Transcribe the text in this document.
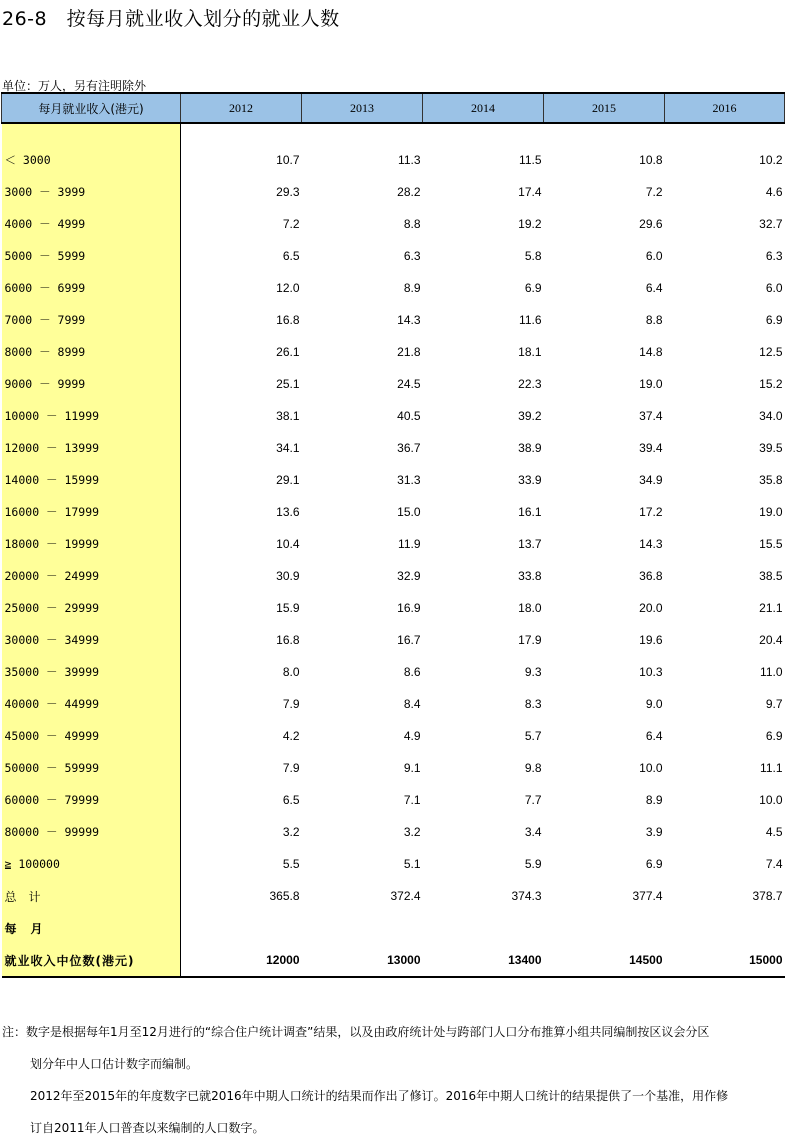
26-8　按每月就业收入划分的就业人数
单位：万人，另有注明除外
每月就业收入(港元)	2012	2013	2014	2015	2016

＜ 3000	10.7	11.3	11.5	10.8	10.2
3000 － 3999	29.3	28.2	17.4	7.2	4.6
4000 － 4999	7.2	8.8	19.2	29.6	32.7
5000 － 5999	6.5	6.3	5.8	6.0	6.3
6000 － 6999	12.0	8.9	6.9	6.4	6.0
7000 － 7999	16.8	14.3	11.6	8.8	6.9
8000 － 8999	26.1	21.8	18.1	14.8	12.5
9000 － 9999	25.1	24.5	22.3	19.0	15.2
10000 － 11999	38.1	40.5	39.2	37.4	34.0
12000 － 13999	34.1	36.7	38.9	39.4	39.5
14000 － 15999	29.1	31.3	33.9	34.9	35.8
16000 － 17999	13.6	15.0	16.1	17.2	19.0
18000 － 19999	10.4	11.9	13.7	14.3	15.5
20000 － 24999	30.9	32.9	33.8	36.8	38.5
25000 － 29999	15.9	16.9	18.0	20.0	21.1
30000 － 34999	16.8	16.7	17.9	19.6	20.4
35000 － 39999	8.0	8.6	9.3	10.3	11.0
40000 － 44999	7.9	8.4	8.3	9.0	9.7
45000 － 49999	4.2	4.9	5.7	6.4	6.9
50000 － 59999	7.9	9.1	9.8	10.0	11.1
60000 － 79999	6.5	7.1	7.7	8.9	10.0
80000 － 99999	3.2	3.2	3.4	3.9	4.5
≧ 100000	5.5	5.1	5.9	6.9	7.4
总　计	365.8	372.4	374.3	377.4	378.7
每　月					
就业收入中位数(港元)	12000	13000	13400	14500	15000
注：数字是根据每年1月至12月进行的“综合住户统计调查”结果，以及由政府统计处与跨部门人口分布推算小组共同编制按区议会分区
划分年中人口估计数字而编制。
2012年至2015年的年度数字已就2016年中期人口统计的结果而作出了修订。2016年中期人口统计的结果提供了一个基准，用作修
订自2011年人口普查以来编制的人口数字。
